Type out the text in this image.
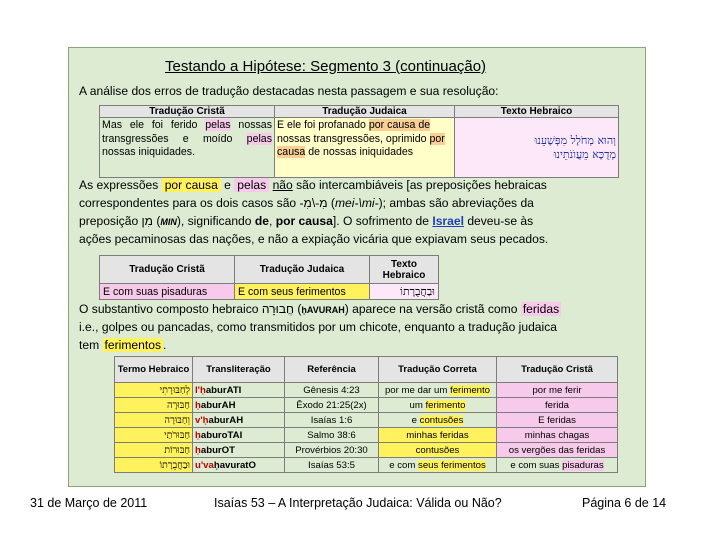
Testando a Hipótese: Segmento 3 (continuação)
A análise dos erros de tradução destacadas nesta passagem e sua resolução:
Tradução Cristã	Tradução Judaica	Texto Hebraico
Mas ele foi ferido pelas nossas transgressões e moído pelas nossas iniquidades.	E ele foi profanado por causa de nossas transgressões, oprimido por causa de nossas iniquidades	וְהוּא מְחֹלָל מִפְּשָׁעֵנוּ
מְדֻכָּא מֵעֲוֺנֹתֵינוּ
As expressões por causa e pelas não são intercambiáveis [as preposições hebraicas
correspondentes para os dois casos são -מִ-\מִ (mei-\mi-); ambas são abreviações da
preposição מִן (MIN), significando de, por causa]. O sofrimento de Israel deveu-se às
ações pecaminosas das nações, e não a expiação vicária que expiavam seus pecados.
Tradução Cristã	Tradução Judaica	Texto Hebraico
E com suas pisaduras	E com seus ferimentos	וּבַחֲבֻרָתוֹ
O substantivo composto hebraico חֲבוּרָה (ḥAVURAH) aparece na versão cristã como feridas
i.e., golpes ou pancadas, como transmitidos por um chicote, enquanto a tradução judaica
tem ferimentos .
Termo Hebraico	Transliteração	Referência	Tradução Correta	Tradução Cristã
לְחַבּוּרָתִי	l'ḥaburATI	Gênesis 4:23	por me dar um ferimento	por me ferir
חַבּוּרָה	ḥaburAH	Êxodo 21:25(2x)	um ferimento	ferida
וְחַבּוּרָה	v'ḥaburAH	Isaías 1:6	e contusões	E feridas
חַבּוּרֹתַי	ḥaburoTAI	Salmo 38:6	minhas feridas	minhas chagas
חַבּוּרוֹת	ḥaburOT	Provérbios 20:30	contusões	os vergões das feridas
וּבַחֲבֻרָתוֹ	u'vaḥavuratO	Isaías 53:5	e com seus ferimentos	e com suas pisaduras
31 de Março de 2011	Isaías 53 – A Interpretação Judaica: Válida ou Não?	Página 6 de 14
